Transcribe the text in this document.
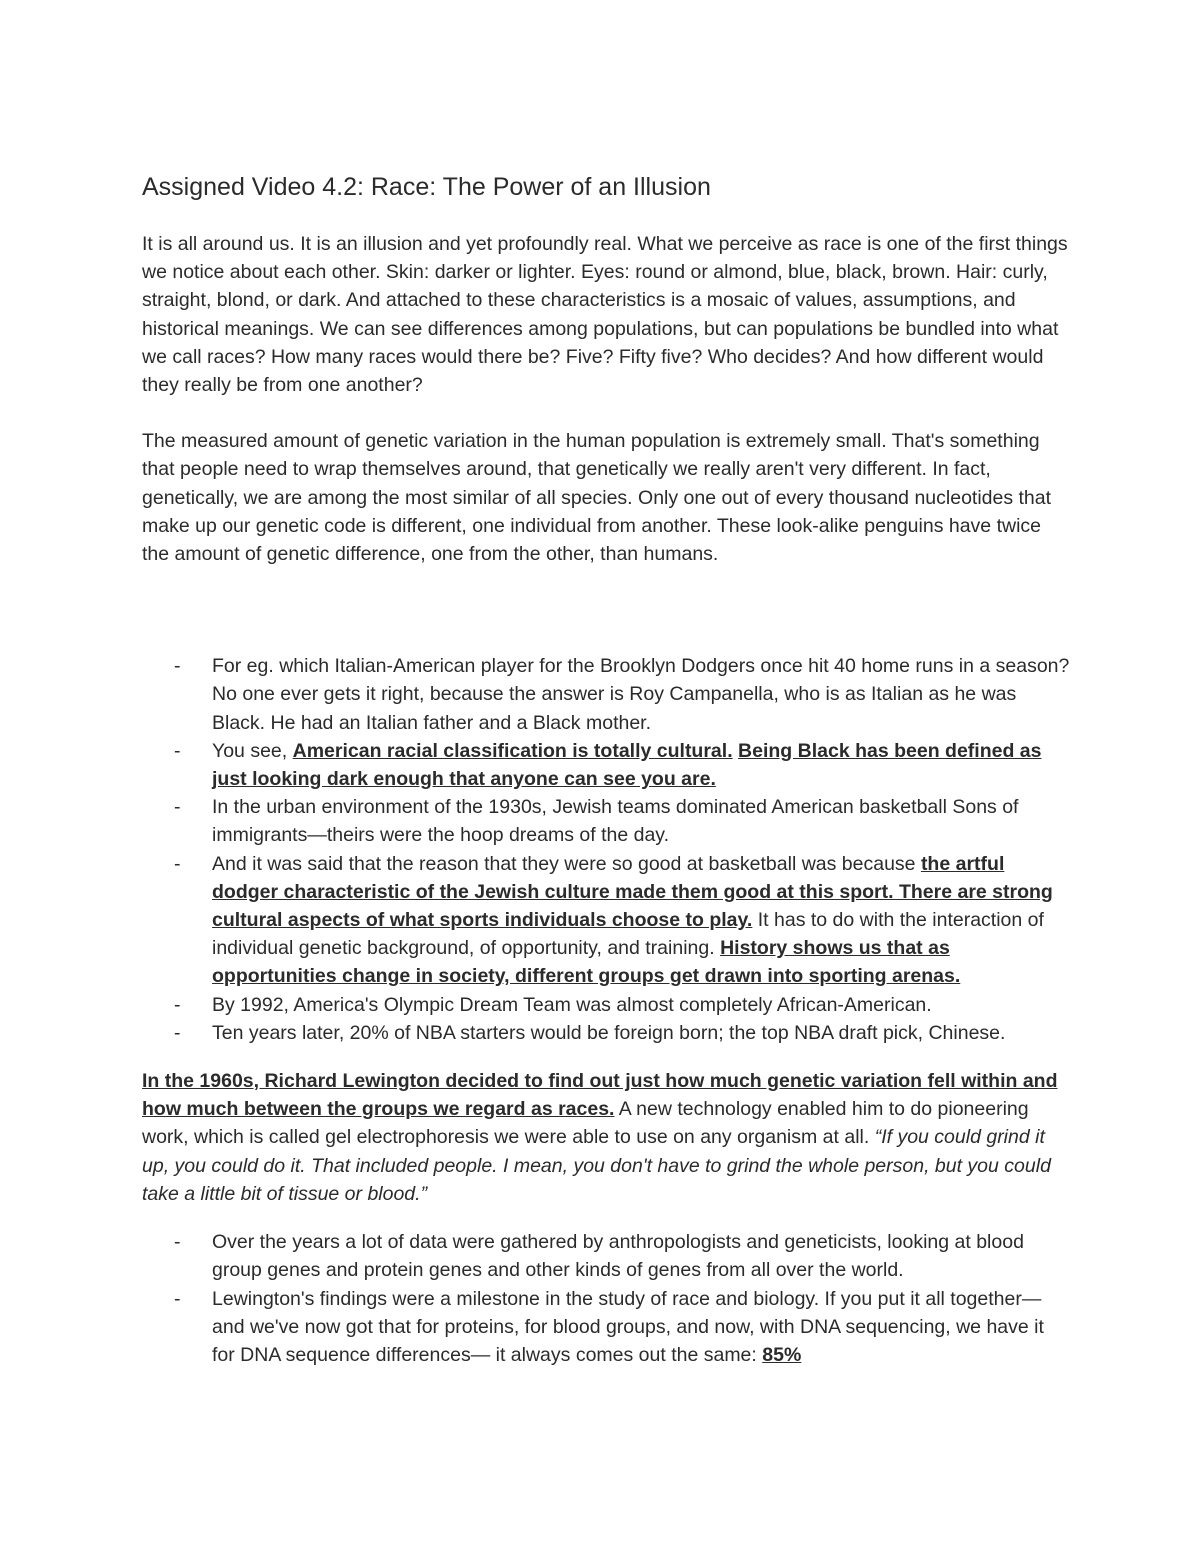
Assigned Video 4.2: Race: The Power of an Illusion

It is all around us. It is an illusion and yet profoundly real. What we perceive as race is one of the first things we notice about each other. Skin: darker or lighter. Eyes: round or almond, blue, black, brown. Hair: curly, straight, blond, or dark. And attached to these characteristics is a mosaic of values, assumptions, and historical meanings. We can see differences among populations, but can populations be bundled into what we call races? How many races would there be? Five? Fifty five? Who decides? And how different would they really be from one another?

The measured amount of genetic variation in the human population is extremely small. That's something that people need to wrap themselves around, that genetically we really aren't very different. In fact, genetically, we are among the most similar of all species. Only one out of every thousand nucleotides that make up our genetic code is different, one individual from another. These look-alike penguins have twice the amount of genetic difference, one from the other, than humans.

- For eg. which Italian-American player for the Brooklyn Dodgers once hit 40 home runs in a season? No one ever gets it right, because the answer is Roy Campanella, who is as Italian as he was Black. He had an Italian father and a Black mother.
- You see, American racial classification is totally cultural. Being Black has been defined as just looking dark enough that anyone can see you are.
- In the urban environment of the 1930s, Jewish teams dominated American basketball Sons of immigrants—theirs were the hoop dreams of the day.
- And it was said that the reason that they were so good at basketball was because the artful dodger characteristic of the Jewish culture made them good at this sport. There are strong cultural aspects of what sports individuals choose to play. It has to do with the interaction of individual genetic background, of opportunity, and training. History shows us that as opportunities change in society, different groups get drawn into sporting arenas.
- By 1992, America's Olympic Dream Team was almost completely African-American.
- Ten years later, 20% of NBA starters would be foreign born; the top NBA draft pick, Chinese.

In the 1960s, Richard Lewington decided to find out just how much genetic variation fell within and how much between the groups we regard as races. A new technology enabled him to do pioneering work, which is called gel electrophoresis we were able to use on any organism at all. “If you could grind it up, you could do it. That included people. I mean, you don't have to grind the whole person, but you could take a little bit of tissue or blood.”

- Over the years a lot of data were gathered by anthropologists and geneticists, looking at blood group genes and protein genes and other kinds of genes from all over the world.
- Lewington's findings were a milestone in the study of race and biology. If you put it all together—and we've now got that for proteins, for blood groups, and now, with DNA sequencing, we have it for DNA sequence differences— it always comes out the same: 85%
